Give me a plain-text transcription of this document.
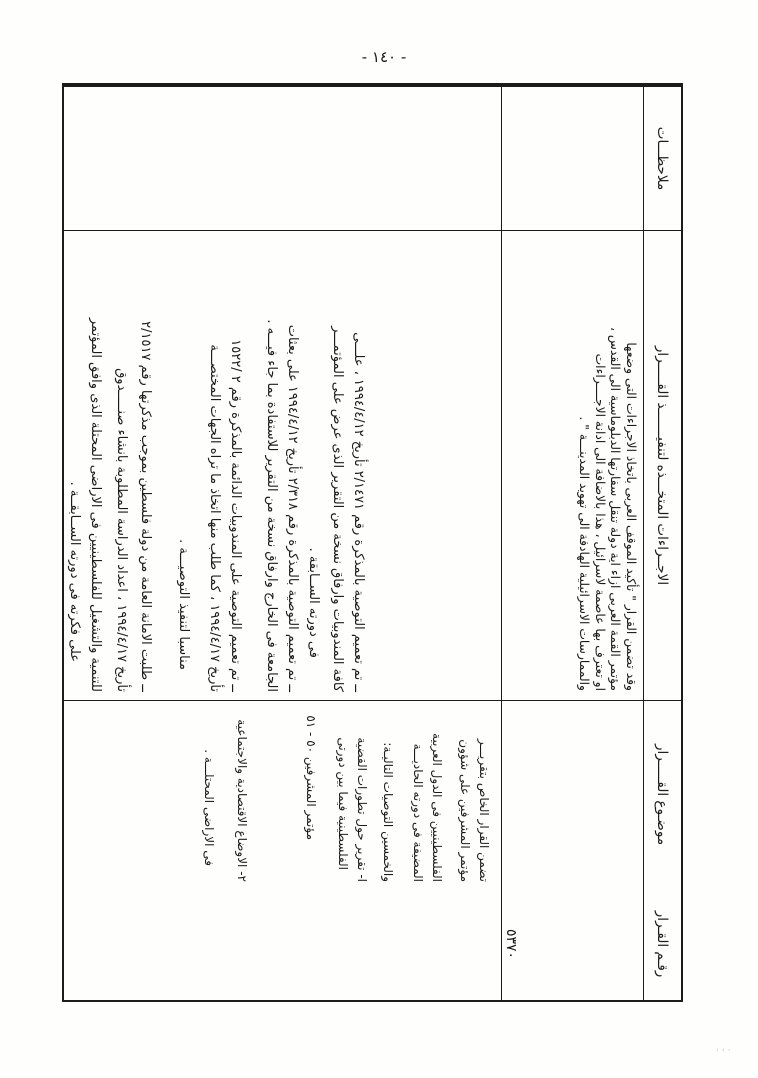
- ١٤٠ -
رقـم القـرار
موضـوع القـــــرار
الاجــراءات المتخـــذه لتنفيـــــــذ القـــــرار
ملاحظـــات
٥٣٧٠
وقد تضمن القرار " تأكيد الموقف العربى باتخاذ الاجراءات التى وضعها
مؤتمر القمة العربى ازاء اية دولة تنقل سفارتها الدبلوماسية الى القدس ،
او تعترف بها عاصمة لاسرائيل ، هذا بالاضافة الى ادانة الاجــــراءات
والممارسات الاسرائيلية الهادفة الى تهويد المدينـــة " .
تضمن القرار الخاص بتقريـــر
مؤتمر المشرفين على شؤون
الفلسطينيين فى الدول العربية
المضيفة فى دورته الحاديـــة
والخمسين التوصيات التاليـة:
ا- تقرير حول تطورات القضية
الفلسطينية فيما بين دورتى
مؤتمر المشرفين ٥٠ - ٥١
٢- الاوضاع الاقتصادية والاجتماعية
فى الاراضى المحتلـــة .
ــ تم تعميم التوصية بالمذكرة رقم ٢/١٤٧١ تأريخ ١٩٩٤/٤/١٢ ، علـــى
كافة المندوبيات وارفاق نسخة من التقرير الذى عرض على المؤتمـــر
فى دورته الســابقة .
ــ تم تعميم التوصية بالمذكرة رقم ٢/٣١٨ تأريخ ١٩٩٤/٤/١٢ على بعثات
الجامعة فى الخارج وارفاق نسخة من التقرير للاستفادة بما جاء فيـــه .
ــ تم تعميم التوصية على المندوبيات الدائمة بالمذكرة رقم ٢ /١٥٢٢
تأريخ ١٩٩٤/٤/١٧ ، كما طلب منها اتخاذ ما تراه الجهات المختصـــة
مناسبا لتنفيذ التوصيـــة .
ــ طلبت الامانة العامة من دولة فلسطين بموجب مذكرتها رقم ٢/١٥١٧
تأريخ ١٩٩٤/٤/١٧ ، اعداد الدراسة المطلوبة بانشاء صنـــــدوق
للتنمية والتشغيل للفلسطينيين فى الاراضى المحتلة الذى وافق المؤتمر
على فكرته فى دورته الســابقــة .
···
